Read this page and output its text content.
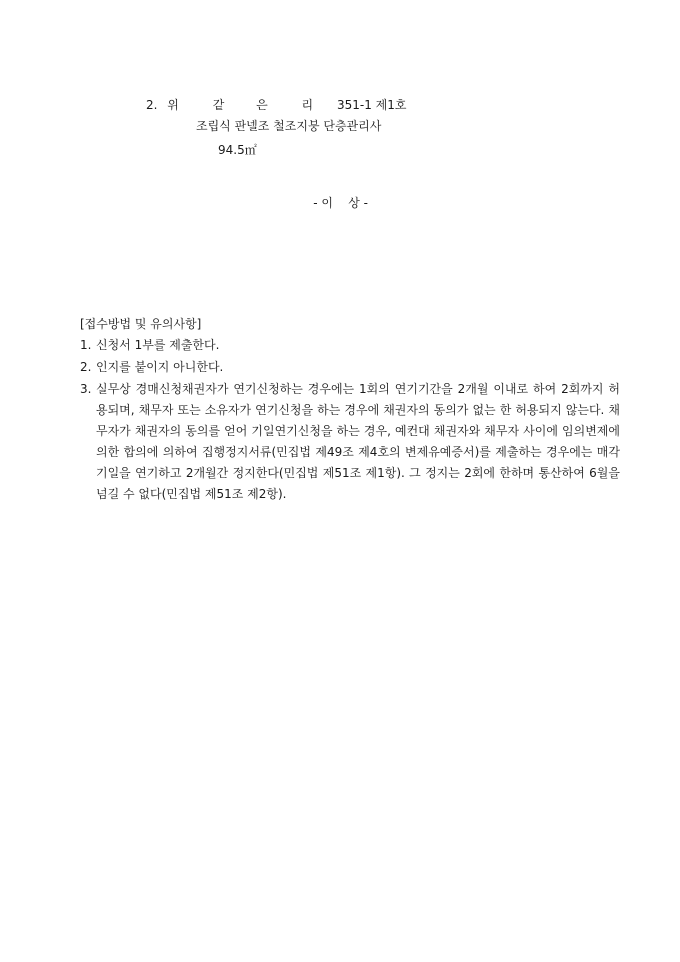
2. 위	같	은	리 351-1 제1호
조립식 판넬조 철조지붕 단층관리사
94.5㎡

- 이    상 -

[접수방법 및 유의사항]

1. 신청서 1부를 제출한다.
2. 인지를 붙이지 아니한다.
3. 실무상 경매신청채권자가 연기신청하는 경우에는 1회의 연기기간을 2개월 이내로 하여 2회까지 허용되며, 채무자 또는 소유자가 연기신청을 하는 경우에 채권자의 동의가 없는 한 허용되지 않는다. 채무자가 채권자의 동의를 얻어 기일연기신청을 하는 경우, 예컨대 채권자와 채무자 사이에 임의변제에 의한 합의에 의하여 집행정지서류(민집법 제49조 제4호의 변제유예증서)를 제출하는 경우에는 매각기일을 연기하고 2개월간 정지한다(민집법 제51조 제1항). 그 정지는 2회에 한하며 통산하여 6월을 넘길 수 없다(민집법 제51조 제2항).
